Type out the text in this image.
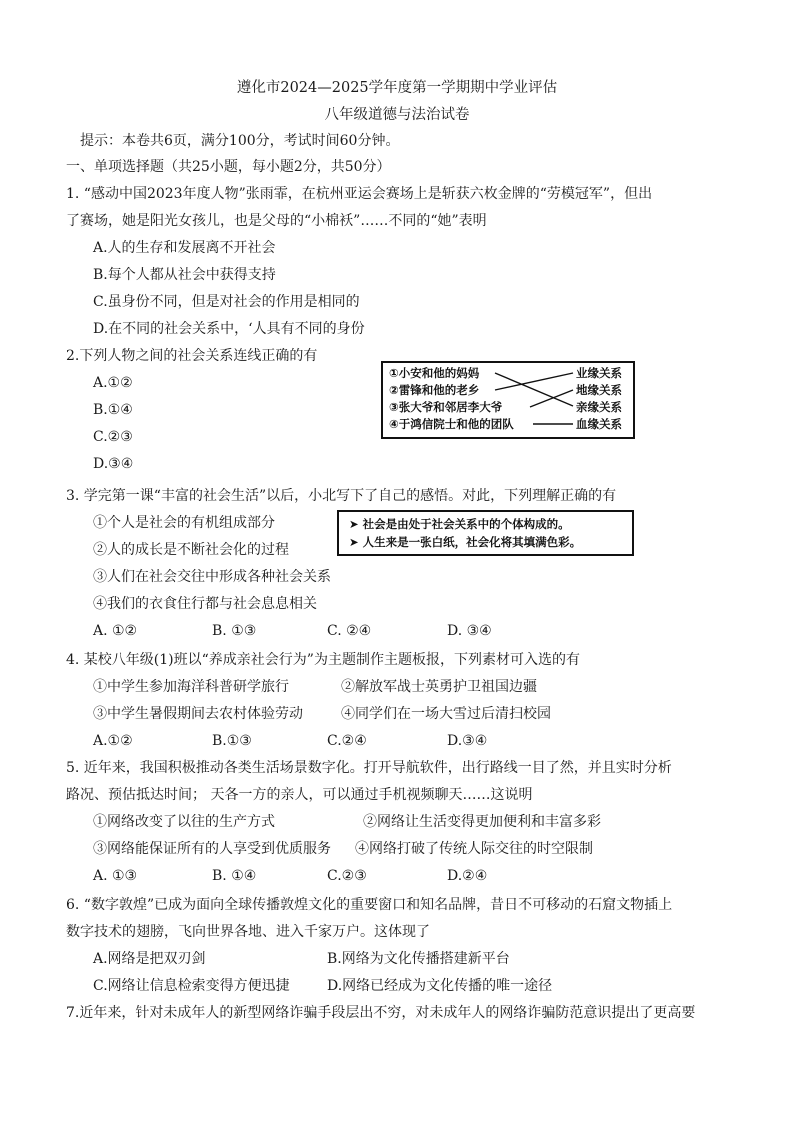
遵化市2024—2025学年度第一学期期中学业评估
八年级道德与法治试卷
提示：本卷共6页，满分100分，考试时间60分钟。
一、单项选择题（共25小题，每小题2分，共50分）
1. “感动中国2023年度人物”张雨霏，在杭州亚运会赛场上是斩获六枚金牌的“劳模冠军”，但出
了赛场，她是阳光女孩儿，也是父母的“小棉袄”……不同的“她”表明
A.人的生存和发展离不开社会
B.每个人都从社会中获得支持
C.虽身份不同，但是对社会的作用是相同的
D.在不同的社会关系中，‘人具有不同的身份
2.下列人物之间的社会关系连线正确的有
A.①②
B.①④
C.②③
D.③④
①小安和他的妈妈
②雷锋和他的老乡
③张大爷和邻居李大爷
④于鸿信院士和他的团队
业缘关系
地缘关系
亲缘关系
血缘关系
3. 学完第一课“丰富的社会生活”以后，小北写下了自己的感悟。对此，下列理解正确的有
①个人是社会的有机组成部分
②人的成长是不断社会化的过程
③人们在社会交往中形成各种社会关系
④我们的衣食住行都与社会息息相关
A. ①②	B. ①③	C. ②④	D. ③④
➤ 社会是由处于社会关系中的个体构成的。
➤ 人生来是一张白纸，社会化将其填满色彩。
4. 某校八年级(1)班以“养成亲社会行为”为主题制作主题板报，下列素材可入选的有
①中学生参加海洋科普研学旅行	②解放军战士英勇护卫祖国边疆
③中学生暑假期间去农村体验劳动	④同学们在一场大雪过后清扫校园
A.①②	B.①③	C.②④	D.③④
5. 近年来，我国积极推动各类生活场景数字化。打开导航软件，出行路线一目了然，并且实时分析
路况、预估抵达时间； 天各一方的亲人，可以通过手机视频聊天……这说明
①网络改变了以往的生产方式	②网络让生活变得更加便利和丰富多彩
③网络能保证所有的人享受到优质服务 ④网络打破了传统人际交往的时空限制
A. ①③	B. ①④	C.②③	D.②④
6. “数字敦煌”已成为面向全球传播敦煌文化的重要窗口和知名品牌，昔日不可移动的石窟文物插上
数字技术的翅膀，飞向世界各地、进入千家万户。这体现了
A.网络是把双刃剑	B.网络为文化传播搭建新平台
C.网络让信息检索变得方便迅捷	D.网络已经成为文化传播的唯一途径
7.近年来，针对未成年人的新型网络诈骗手段层出不穷，对未成年人的网络诈骗防范意识提出了更高要
